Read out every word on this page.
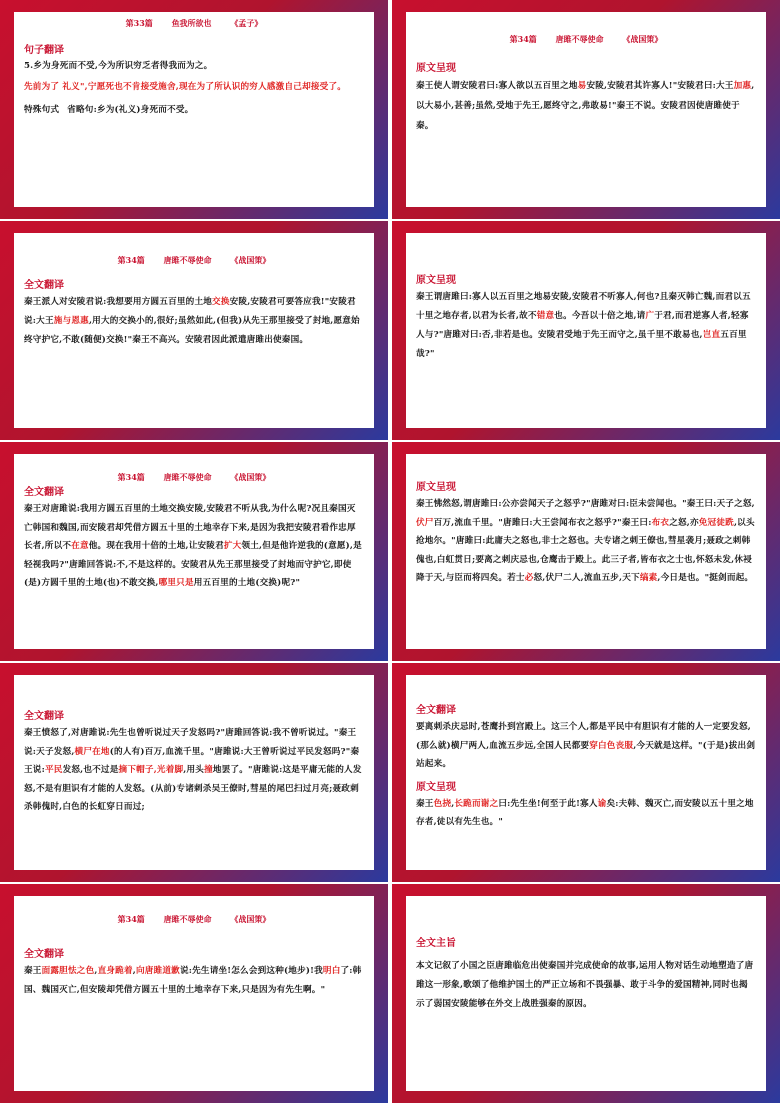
第33篇 鱼我所欲也 《孟子》
句子翻译
5.乡为身死而不受,今为所识穷乏者得我而为之。
先前为了 礼义",宁愿死也不肯接受施舍,现在为了所认识的穷人感激自己却接受了。
特殊句式 省略句:乡为(礼义)身死而不受。
第34篇 唐雎不辱使命 《战国策》
原文呈现
秦王使人谓安陵君曰:寡人欲以五百里之地易安陵,安陵君其许寡人!"安陵君曰:大王加惠,以大易小,甚善;虽然,受地于先王,愿终守之,弗敢易!"秦王不说。安陵君因使唐雎使于秦。
第34篇 唐雎不辱使命 《战国策》
全文翻译
秦王派人对安陵君说:我想要用方圆五百里的土地交换安陵,安陵君可要答应我!"安陵君说:大王施与恩惠,用大的交换小的,很好;虽然如此,(但我)从先王那里接受了封地,愿意始终守护它,不敢(随便)交换!"秦王不高兴。安陵君因此派遣唐雎出使秦国。
原文呈现
秦王谓唐雎曰:寡人以五百里之地易安陵,安陵君不听寡人,何也?且秦灭韩亡魏,而君以五十里之地存者,以君为长者,故不错意也。今吾以十倍之地,请广于君,而君逆寡人者,轻寡人与?"唐雎对曰:否,非若是也。安陵君受地于先王而守之,虽千里不敢易也,岂直五百里哉?"
第34篇 唐雎不辱使命 《战国策》
全文翻译
秦王对唐雎说:我用方圆五百里的土地交换安陵,安陵君不听从我,为什么呢?况且秦国灭亡韩国和魏国,而安陵君却凭借方圆五十里的土地幸存下来,是因为我把安陵君看作忠厚长者,所以不在意他。现在我用十倍的土地,让安陵君扩大领土,但是他许逆我的(意愿),是轻视我吗?"唐雎回答说:不,不是这样的。安陵君从先王那里接受了封地而守护它,即使(是)方圆千里的土地(也)不敢交换,哪里只是用五百里的土地(交换)呢?"
原文呈现
秦王怫然怒,谓唐雎曰:公亦尝闻天子之怒乎?"唐雎对曰:臣未尝闻也。"秦王曰:天子之怒,伏尸百万,流血千里。"唐雎曰:大王尝闻布衣之怒乎?"秦王曰:布衣之怒,亦免冠徒跣,以头抢地尔。"唐雎曰:此庸夫之怒也,非士之怒也。夫专诸之刺王僚也,彗星袭月;聂政之刺韩傀也,白虹贯日;要离之刺庆忌也,仓鹰击于殿上。此三子者,皆布衣之士也,怀怒未发,休祲降于天,与臣而将四矣。若士必怒,伏尸二人,流血五步,天下缟素,今日是也。"挺剑而起。
全文翻译
秦王愤怒了,对唐雎说:先生也曾听说过天子发怒吗?"唐雎回答说:我不曾听说过。"秦王说:天子发怒,横尸在地(的人有)百万,血流千里。"唐雎说:大王曾听说过平民发怒吗?"秦王说:平民发怒,也不过是摘下帽子,光着脚,用头撞地罢了。"唐雎说:这是平庸无能的人发怒,不是有胆识有才能的人发怒。(从前)专诸刺杀吴王僚时,彗星的尾巴扫过月亮;聂政刺杀韩傀时,白色的长虹穿日而过;
全文翻译
要离刺杀庆忌时,苍鹰扑到宫殿上。这三个人,都是平民中有胆识有才能的人一定要发怒,(那么就)横尸两人,血流五步远,全国人民都要穿白色丧服,今天就是这样。"(于是)拔出剑站起来。
原文呈现
秦王色挠,长跪而谢之曰:先生坐!何至于此!寡人谕矣:夫韩、魏灭亡,而安陵以五十里之地存者,徒以有先生也。"
第34篇 唐雎不辱使命 《战国策》
全文翻译
秦王面露胆怯之色,直身跪着,向唐雎道歉说:先生请坐!怎么会到这种(地步)!我明白了:韩国、魏国灭亡,但安陵却凭借方圆五十里的土地幸存下来,只是因为有先生啊。"
全文主旨
本文记叙了小国之臣唐雎临危出使秦国并完成使命的故事,运用人物对话生动地塑造了唐雎这一形象,歌颂了他维护国土的严正立场和不畏强暴、敢于斗争的爱国精神,同时也揭示了弱国安陵能够在外交上战胜强秦的原因。
